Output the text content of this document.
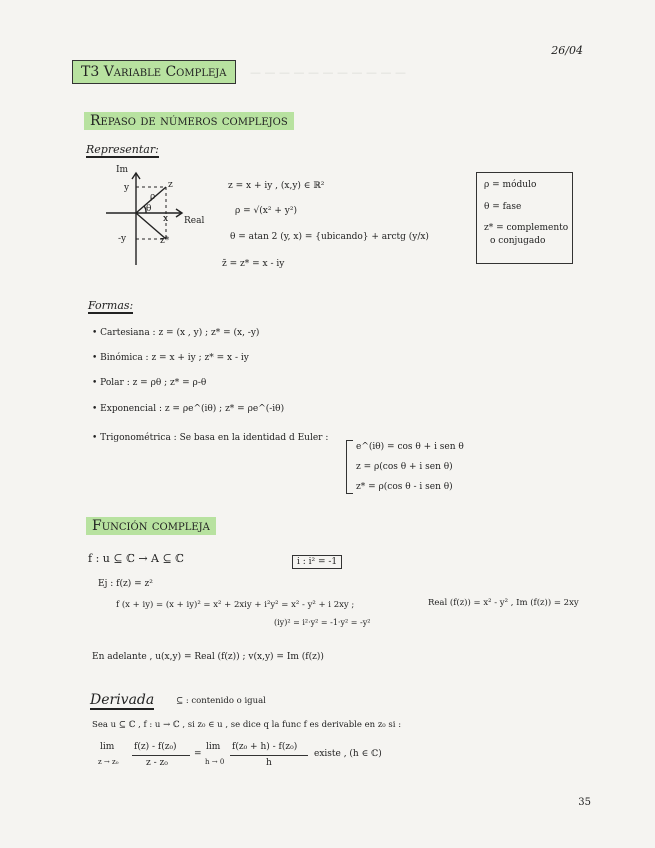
— — — — — — — — — — —
26/04
T3 Variable Compleja
Repaso de números complejos
Representar:
Im
Real
z
z*
y
-y
x
ρ
θ
z = x + iy , (x,y) ∈ ℝ²
ρ = √(x² + y²)
θ = atan 2 (y, x) = {ubicando} + arctg (y/x)
z̄ = z* = x - iy
ρ = módulo
θ = fase
z* = complemento
o conjugado
Formas:
• Cartesiana : z = (x , y) ; z* = (x, -y)
• Binómica : z = x + iy ; z* = x - iy
• Polar : z = ρθ ; z* = ρ-θ
• Exponencial : z = ρe^(iθ) ; z* = ρe^(-iθ)
• Trigonométrica : Se basa en la identidad d Euler :
e^(iθ) = cos θ + i sen θ
z = ρ(cos θ + i sen θ)
z* = ρ(cos θ - i sen θ)
Función compleja
f : u ⊆ ℂ → A ⊆ ℂ	i : i² = -1
Ej : f(z) = z²
f (x + iy) = (x + iy)² = x² + 2xiy + i²y² = x² - y² + i 2xy ;	Real (f(z)) = x² - y² , Im (f(z)) = 2xy
(iy)² = i²·y² = -1·y² = -y²
En adelante , u(x,y) = Real (f(z)) ; v(x,y) = Im (f(z))
Derivada	⊆ : contenido o igual
Sea u ⊆ ℂ , f : u → ℂ , si z₀ ∈ u , se dice q la func f es derivable en z₀ si :
lim
z → z₀
f(z) - f(z₀)
z - z₀
=
lim
h → 0
f(z₀ + h) - f(z₀)
h
existe , (h ∈ ℂ)
35
